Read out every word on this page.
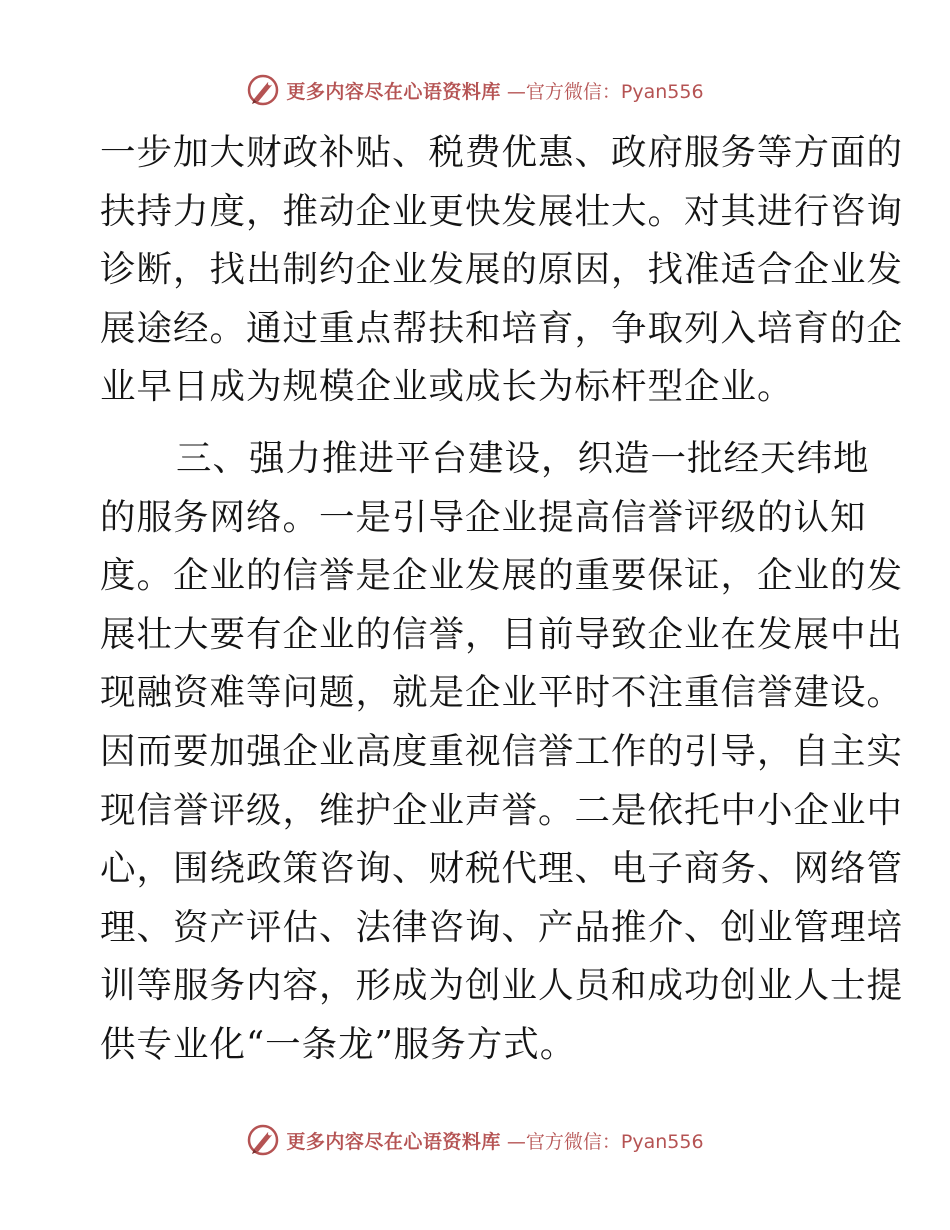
更多内容尽在心语资料库 —官方微信：Pyan556

一步加大财政补贴、税费优惠、政府服务等方面的
扶持力度，推动企业更快发展壮大。对其进行咨询
诊断，找出制约企业发展的原因，找准适合企业发
展途经。通过重点帮扶和培育，争取列入培育的企
业早日成为规模企业或成长为标杆型企业。

三、强力推进平台建设，织造一批经天纬地
的服务网络。一是引导企业提高信誉评级的认知
度。企业的信誉是企业发展的重要保证，企业的发
展壮大要有企业的信誉，目前导致企业在发展中出
现融资难等问题，就是企业平时不注重信誉建设。
因而要加强企业高度重视信誉工作的引导，自主实
现信誉评级，维护企业声誉。二是依托中小企业中
心，围绕政策咨询、财税代理、电子商务、网络管
理、资产评估、法律咨询、产品推介、创业管理培
训等服务内容，形成为创业人员和成功创业人士提
供专业化“一条龙”服务方式。

更多内容尽在心语资料库 —官方微信：Pyan556
